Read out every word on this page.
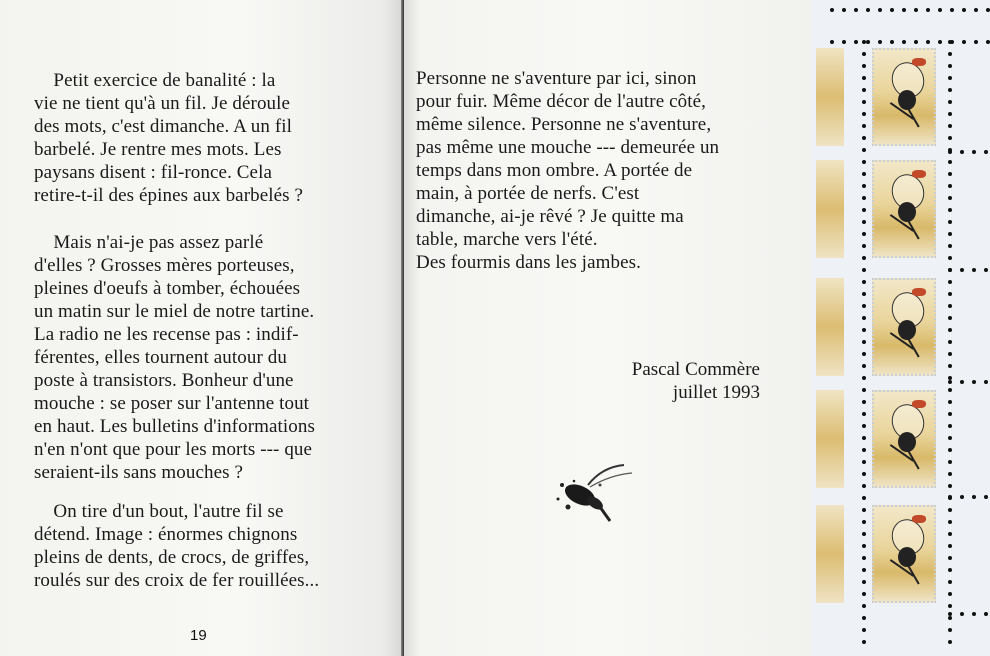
Petit exercice de banalité : la
vie ne tient qu'à un fil. Je déroule
des mots, c'est dimanche. A un fil
barbelé. Je rentre mes mots. Les
paysans disent : fil-ronce. Cela
retire-t-il des épines aux barbelés ?
Mais n'ai-je pas assez parlé
d'elles ? Grosses mères porteuses,
pleines d'oeufs à tomber, échouées
un matin sur le miel de notre tartine.
La radio ne les recense pas : indif-
férentes, elles tournent autour du
poste à transistors. Bonheur d'une
mouche : se poser sur l'antenne tout
en haut. Les bulletins d'informations
n'en n'ont que pour les morts --- que
seraient-ils sans mouches ?
On tire d'un bout, l'autre fil se
détend. Image : énormes chignons
pleins de dents, de crocs, de griffes,
roulés sur des croix de fer rouillées...
19
Personne ne s'aventure par ici, sinon
pour fuir. Même décor de l'autre côté,
même silence. Personne ne s'aventure,
pas même une mouche --- demeurée un
temps dans mon ombre. A portée de
main, à portée de nerfs. C'est
dimanche, ai-je rêvé ? Je quitte ma
table, marche vers l'été.
Des fourmis dans les jambes.
Pascal Commère
juillet 1993
